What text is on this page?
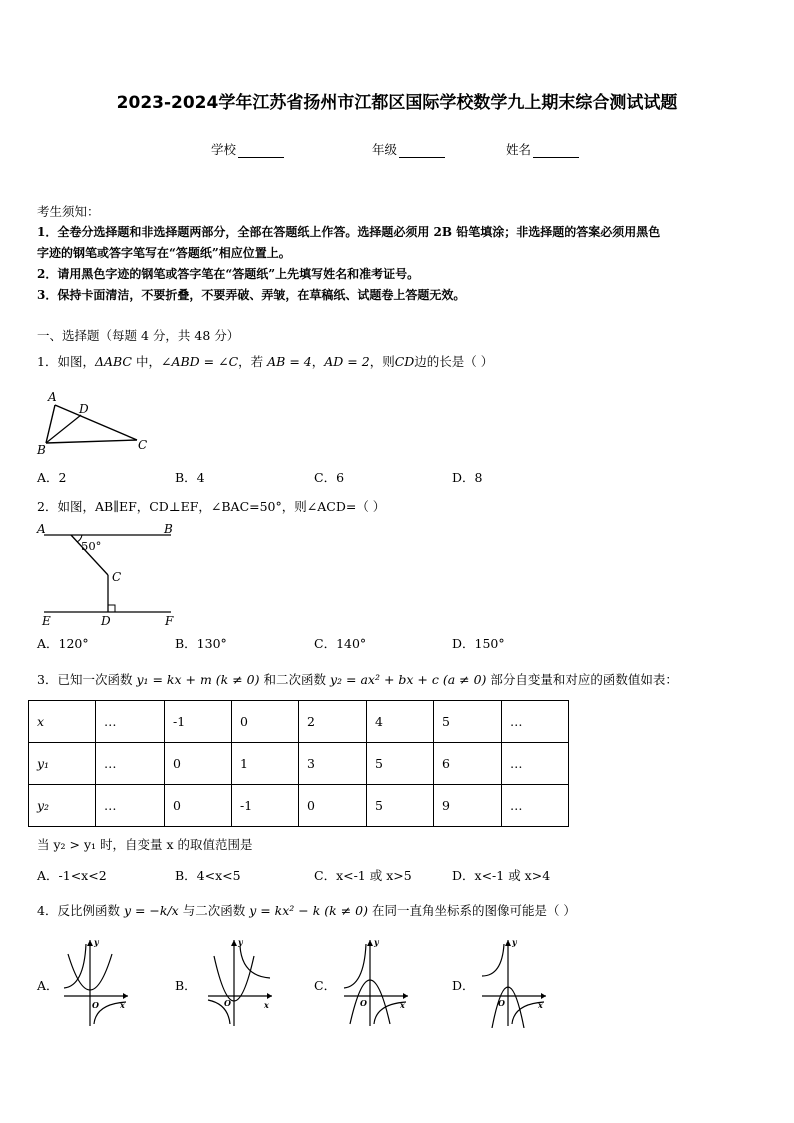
2023-2024学年江苏省扬州市江都区国际学校数学九上期末综合测试试题
学校	年级	姓名
考生须知：
1．全卷分选择题和非选择题两部分，全部在答题纸上作答。选择题必须用 2B 铅笔填涂；非选择题的答案必须用黑色
字迹的钢笔或答字笔写在“答题纸”相应位置上。
2．请用黑色字迹的钢笔或答字笔在“答题纸”上先填写姓名和准考证号。
3．保持卡面清洁，不要折叠，不要弄破、弄皱，在草稿纸、试题卷上答题无效。
一、选择题（每题 4 分，共 48 分）
1．如图，ΔABC 中，∠ABD = ∠C，若 AB = 4，AD = 2，则CD边的长是（ ）
A
D
B	C
A．2	B．4	C．6	D．8
2．如图，AB∥EF，CD⊥EF，∠BAC=50°，则∠ACD=（ ）
A	B
50°
C
E	D	F
A．120°	B．130°	C．140°	D．150°
3．已知一次函数 y₁ = kx + m (k ≠ 0) 和二次函数 y₂ = ax² + bx + c (a ≠ 0) 部分自变量和对应的函数值如表：
x	…	-1	0	2	4	5	…
y₁	…	0	1	3	5	6	…
y₂	…	0	-1	0	5	9	…
当 y₂ > y₁ 时，自变量 x 的取值范围是
A．-1<x<2	B．4<x<5	C．x<-1 或 x>5	D．x<-1 或 x>4
4．反比例函数 y = −k/x 与二次函数 y = kx² − k (k ≠ 0) 在同一直角坐标系的图像可能是（ ）
A．	B．	C．	D．
y
x
O
y
x
O
y
x
O
y
x
O
